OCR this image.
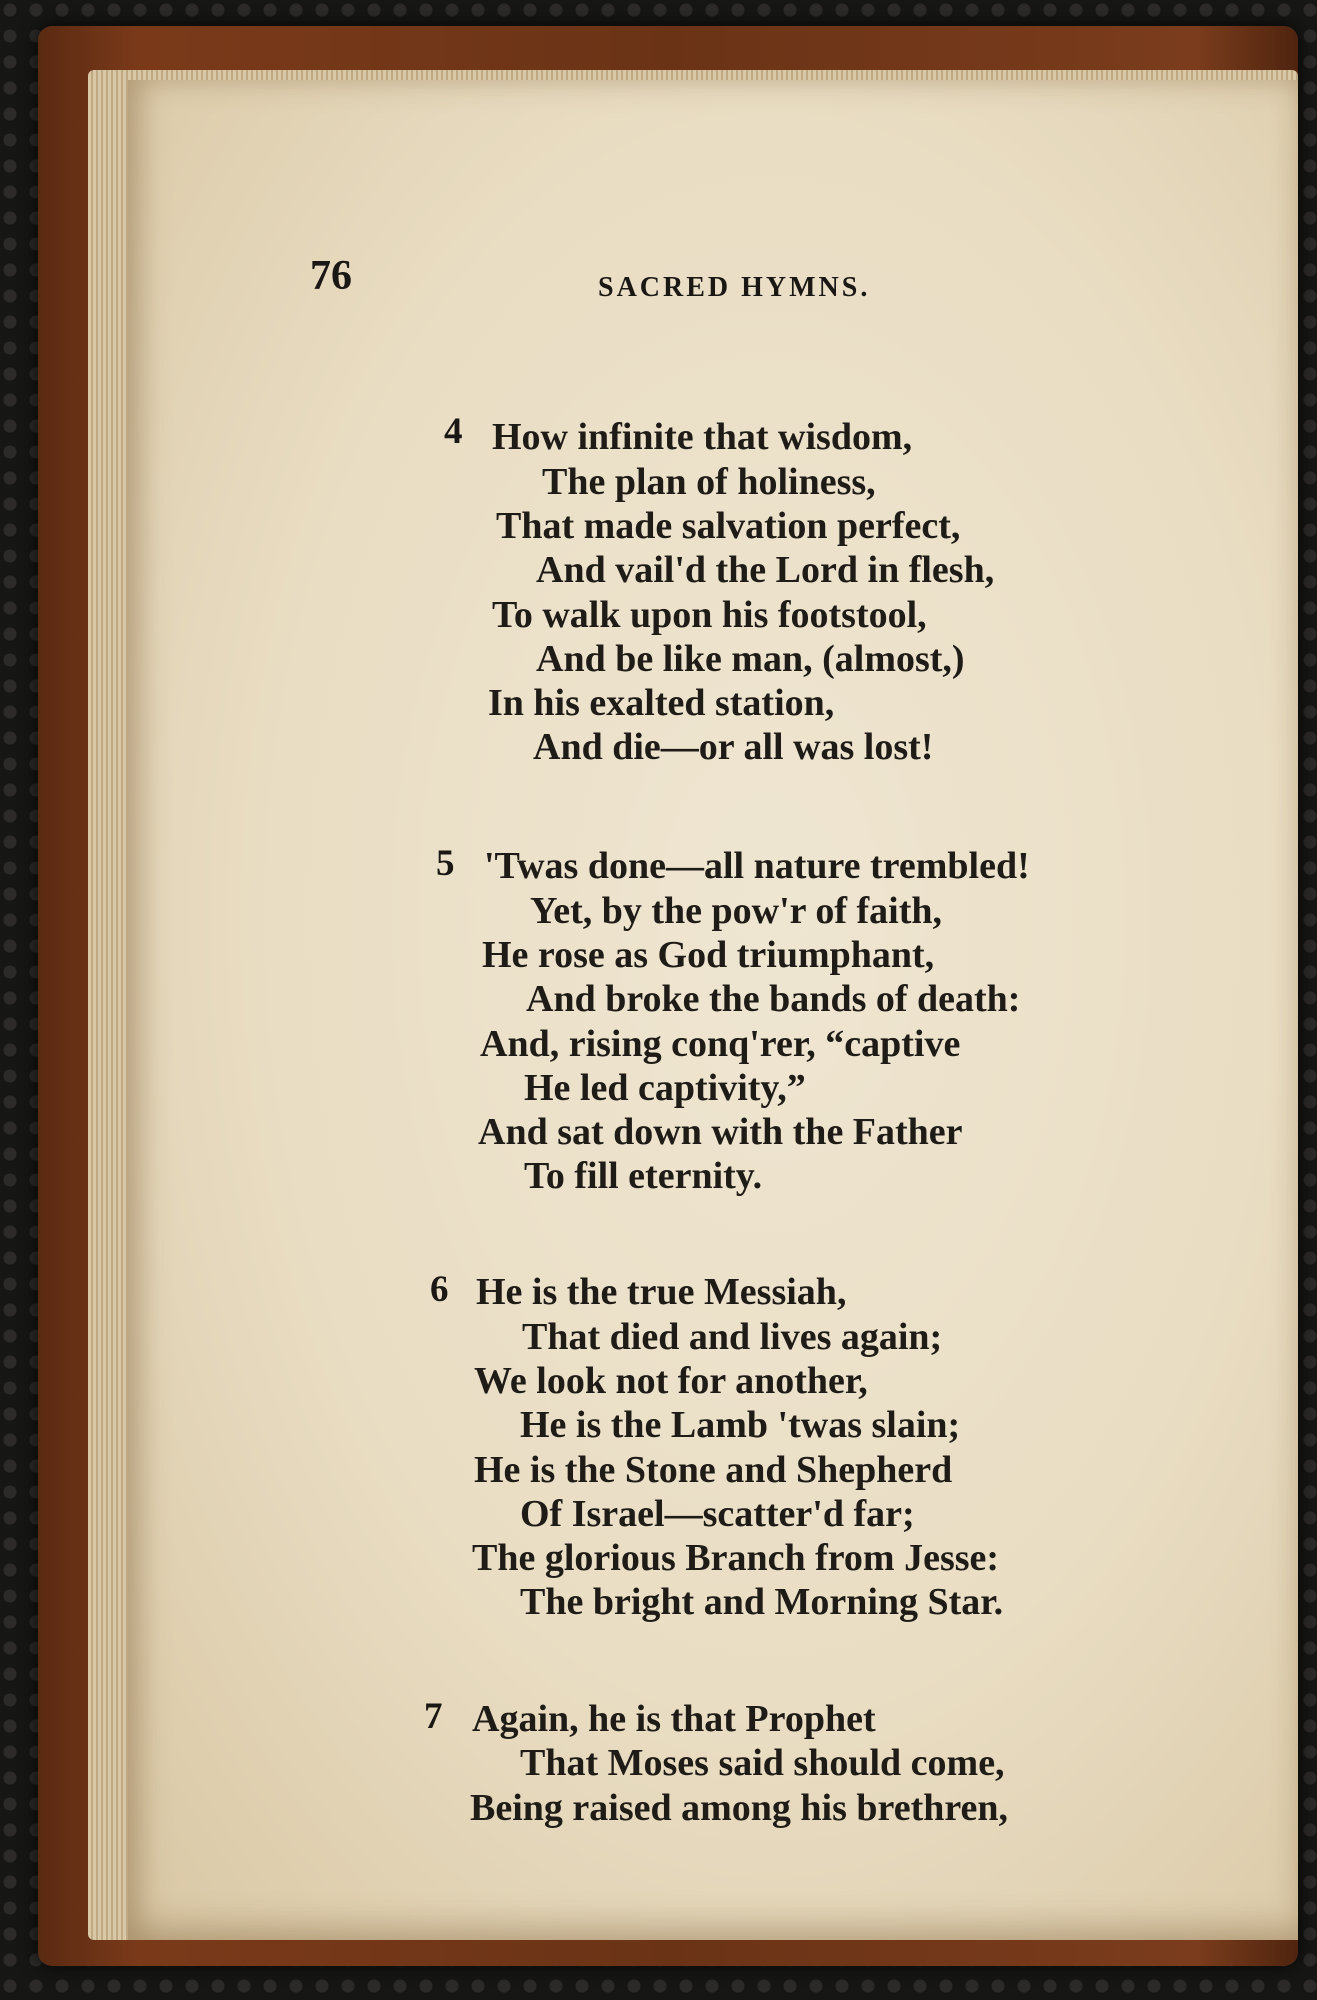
76	SACRED HYMNS.

4 How infinite that wisdom,
The plan of holiness,
That made salvation perfect,
And vail'd the Lord in flesh,
To walk upon his footstool,
And be like man, (almost,)
In his exalted station,
And die—or all was lost!
5 'Twas done—all nature trembled!
Yet, by the pow'r of faith,
He rose as God triumphant,
And broke the bands of death:
And, rising conq'rer, “captive
He led captivity,”
And sat down with the Father
To fill eternity.
6 He is the true Messiah,
That died and lives again;
We look not for another,
He is the Lamb 'twas slain;
He is the Stone and Shepherd
Of Israel—scatter'd far;
The glorious Branch from Jesse:
The bright and Morning Star.
7 Again, he is that Prophet
That Moses said should come,
Being raised among his brethren,
